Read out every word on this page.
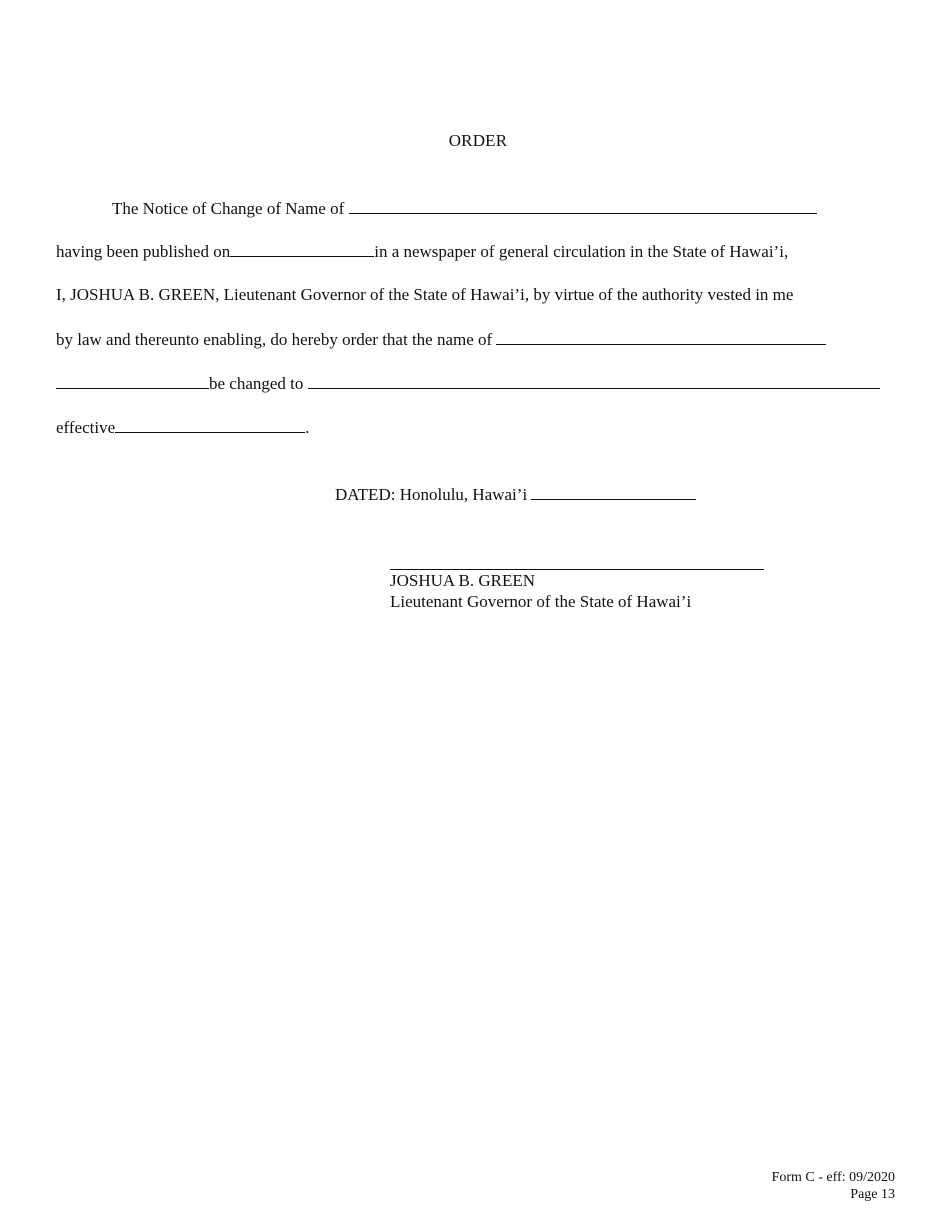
ORDER
The Notice of Change of Name of
having been published on	in a newspaper of general circulation in the State of Hawai’i,
I, JOSHUA B. GREEN, Lieutenant Governor of the State of Hawai’i, by virtue of the authority vested in me
by law and thereunto enabling, do hereby order that the name of
be changed to
effective	.
DATED: Honolulu, Hawai’i
JOSHUA B. GREEN
Lieutenant Governor of the State of Hawai’i
Form C - eff: 09/2020
Page 13
